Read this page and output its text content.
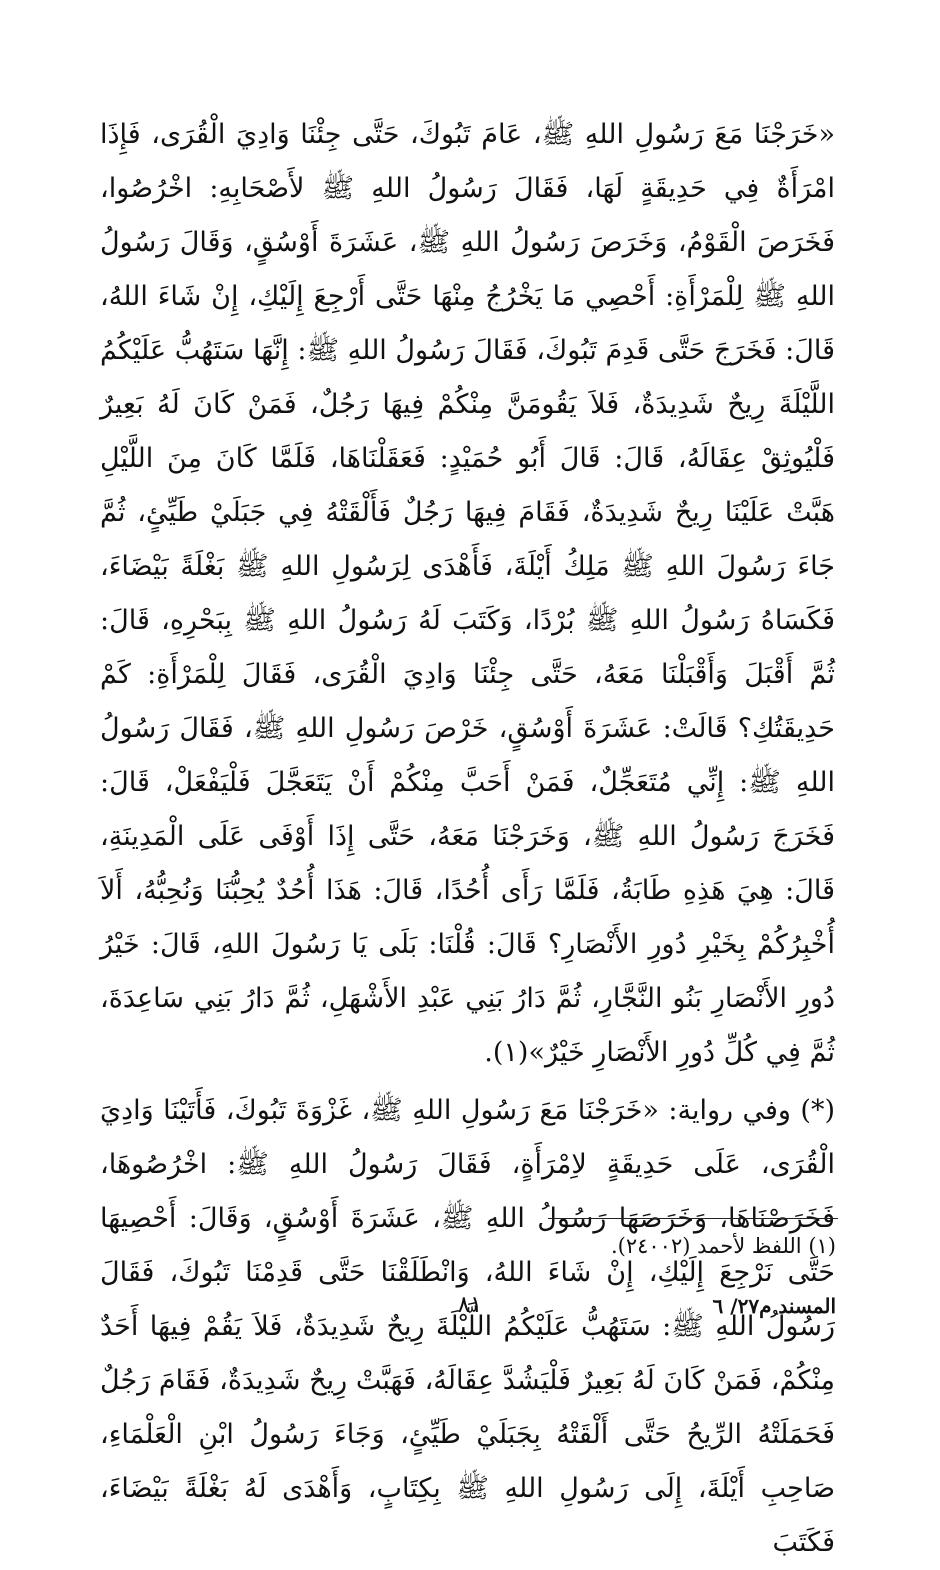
«خَرَجْنَا مَعَ رَسُولِ اللهِ ﷺ، عَامَ تَبُوكَ، حَتَّى جِئْنَا وَادِيَ الْقُرَى، فَإِذَا امْرَأَةٌ فِي حَدِيقَةٍ لَهَا، فَقَالَ رَسُولُ اللهِ ﷺ لأَصْحَابِهِ: اخْرُصُوا، فَخَرَصَ الْقَوْمُ، وَخَرَصَ رَسُولُ اللهِ ﷺ، عَشَرَةَ أَوْسُقٍ، وَقَالَ رَسُولُ اللهِ ﷺ لِلْمَرْأَةِ: أَحْصِي مَا يَخْرُجُ مِنْهَا حَتَّى أَرْجِعَ إِلَيْكِ، إِنْ شَاءَ اللهُ، قَالَ: فَخَرَجَ حَتَّى قَدِمَ تَبُوكَ، فَقَالَ رَسُولُ اللهِ ﷺ: إِنَّهَا سَتَهُبُّ عَلَيْكُمُ اللَّيْلَةَ رِيحٌ شَدِيدَةٌ، فَلاَ يَقُومَنَّ مِنْكُمْ فِيهَا رَجُلٌ، فَمَنْ كَانَ لَهُ بَعِيرٌ فَلْيُوثِقْ عِقَالَهُ، قَالَ: قَالَ أَبُو حُمَيْدٍ: فَعَقَلْنَاهَا، فَلَمَّا كَانَ مِنَ اللَّيْلِ هَبَّتْ عَلَيْنَا رِيحٌ شَدِيدَةٌ، فَقَامَ فِيهَا رَجُلٌ فَأَلْقَتْهُ فِي جَبَلَيْ طَيِّئٍ، ثُمَّ جَاءَ رَسُولَ اللهِ ﷺ مَلِكُ أَيْلَةَ، فَأَهْدَى لِرَسُولِ اللهِ ﷺ بَغْلَةً بَيْضَاءَ، فَكَسَاهُ رَسُولُ اللهِ ﷺ بُرْدًا، وَكَتَبَ لَهُ رَسُولُ اللهِ ﷺ بِبَحْرِهِ، قَالَ: ثُمَّ أَقْبَلَ وَأَقْبَلْنَا مَعَهُ، حَتَّى جِئْنَا وَادِيَ الْقُرَى، فَقَالَ لِلْمَرْأَةِ: كَمْ حَدِيقَتُكِ؟ قَالَتْ: عَشَرَةَ أَوْسُقٍ، خَرْصَ رَسُولِ اللهِ ﷺ، فَقَالَ رَسُولُ اللهِ ﷺ: إِنِّي مُتَعَجِّلٌ، فَمَنْ أَحَبَّ مِنْكُمْ أَنْ يَتَعَجَّلَ فَلْيَفْعَلْ، قَالَ: فَخَرَجَ رَسُولُ اللهِ ﷺ، وَخَرَجْنَا مَعَهُ، حَتَّى إِذَا أَوْفَى عَلَى الْمَدِينَةِ، قَالَ: هِيَ هَذِهِ طَابَةُ، فَلَمَّا رَأَى أُحُدًا، قَالَ: هَذَا أُحُدٌ يُحِبُّنَا وَنُحِبُّهُ، أَلاَ أُخْبِرُكُمْ بِخَيْرِ دُورِ الأَنْصَارِ؟ قَالَ: قُلْنَا: بَلَى يَا رَسُولَ اللهِ، قَالَ: خَيْرُ دُورِ الأَنْصَارِ بَنُو النَّجَّارِ، ثُمَّ دَارُ بَنِي عَبْدِ الأَشْهَلِ، ثُمَّ دَارُ بَنِي سَاعِدَةَ، ثُمَّ فِي كُلِّ دُورِ الأَنْصَارِ خَيْرٌ»(١).

(*) وفي رواية: «خَرَجْنَا مَعَ رَسُولِ اللهِ ﷺ، غَزْوَةَ تَبُوكَ، فَأَتَيْنَا وَادِيَ الْقُرَى، عَلَى حَدِيقَةٍ لاِمْرَأَةٍ، فَقَالَ رَسُولُ اللهِ ﷺ: اخْرُصُوهَا، فَخَرَصْنَاهَا، وَخَرَصَهَا رَسُولُ اللهِ ﷺ، عَشَرَةَ أَوْسُقٍ، وَقَالَ: أَحْصِيهَا حَتَّى نَرْجِعَ إِلَيْكِ، إِنْ شَاءَ اللهُ، وَانْطَلَقْنَا حَتَّى قَدِمْنَا تَبُوكَ، فَقَالَ رَسُولُ اللهِ ﷺ: سَتَهُبُّ عَلَيْكُمُ اللَّيْلَةَ رِيحٌ شَدِيدَةٌ، فَلاَ يَقُمْ فِيهَا أَحَدٌ مِنْكُمْ، فَمَنْ كَانَ لَهُ بَعِيرٌ فَلْيَشُدَّ عِقَالَهُ، فَهَبَّتْ رِيحٌ شَدِيدَةٌ، فَقَامَ رَجُلٌ فَحَمَلَتْهُ الرِّيحُ حَتَّى أَلْقَتْهُ بِجَبَلَيْ طَيِّئٍ، وَجَاءَ رَسُولُ ابْنِ الْعَلْمَاءِ، صَاحِبِ أَيْلَةَ، إِلَى رَسُولِ اللهِ ﷺ بِكِتَابٍ، وَأَهْدَى لَهُ بَغْلَةً بَيْضَاءَ، فَكَتَبَ

(١) اللفظ لأحمد (٢٤٠٠٢).
٨١	المسند م٢٧/ ٦
